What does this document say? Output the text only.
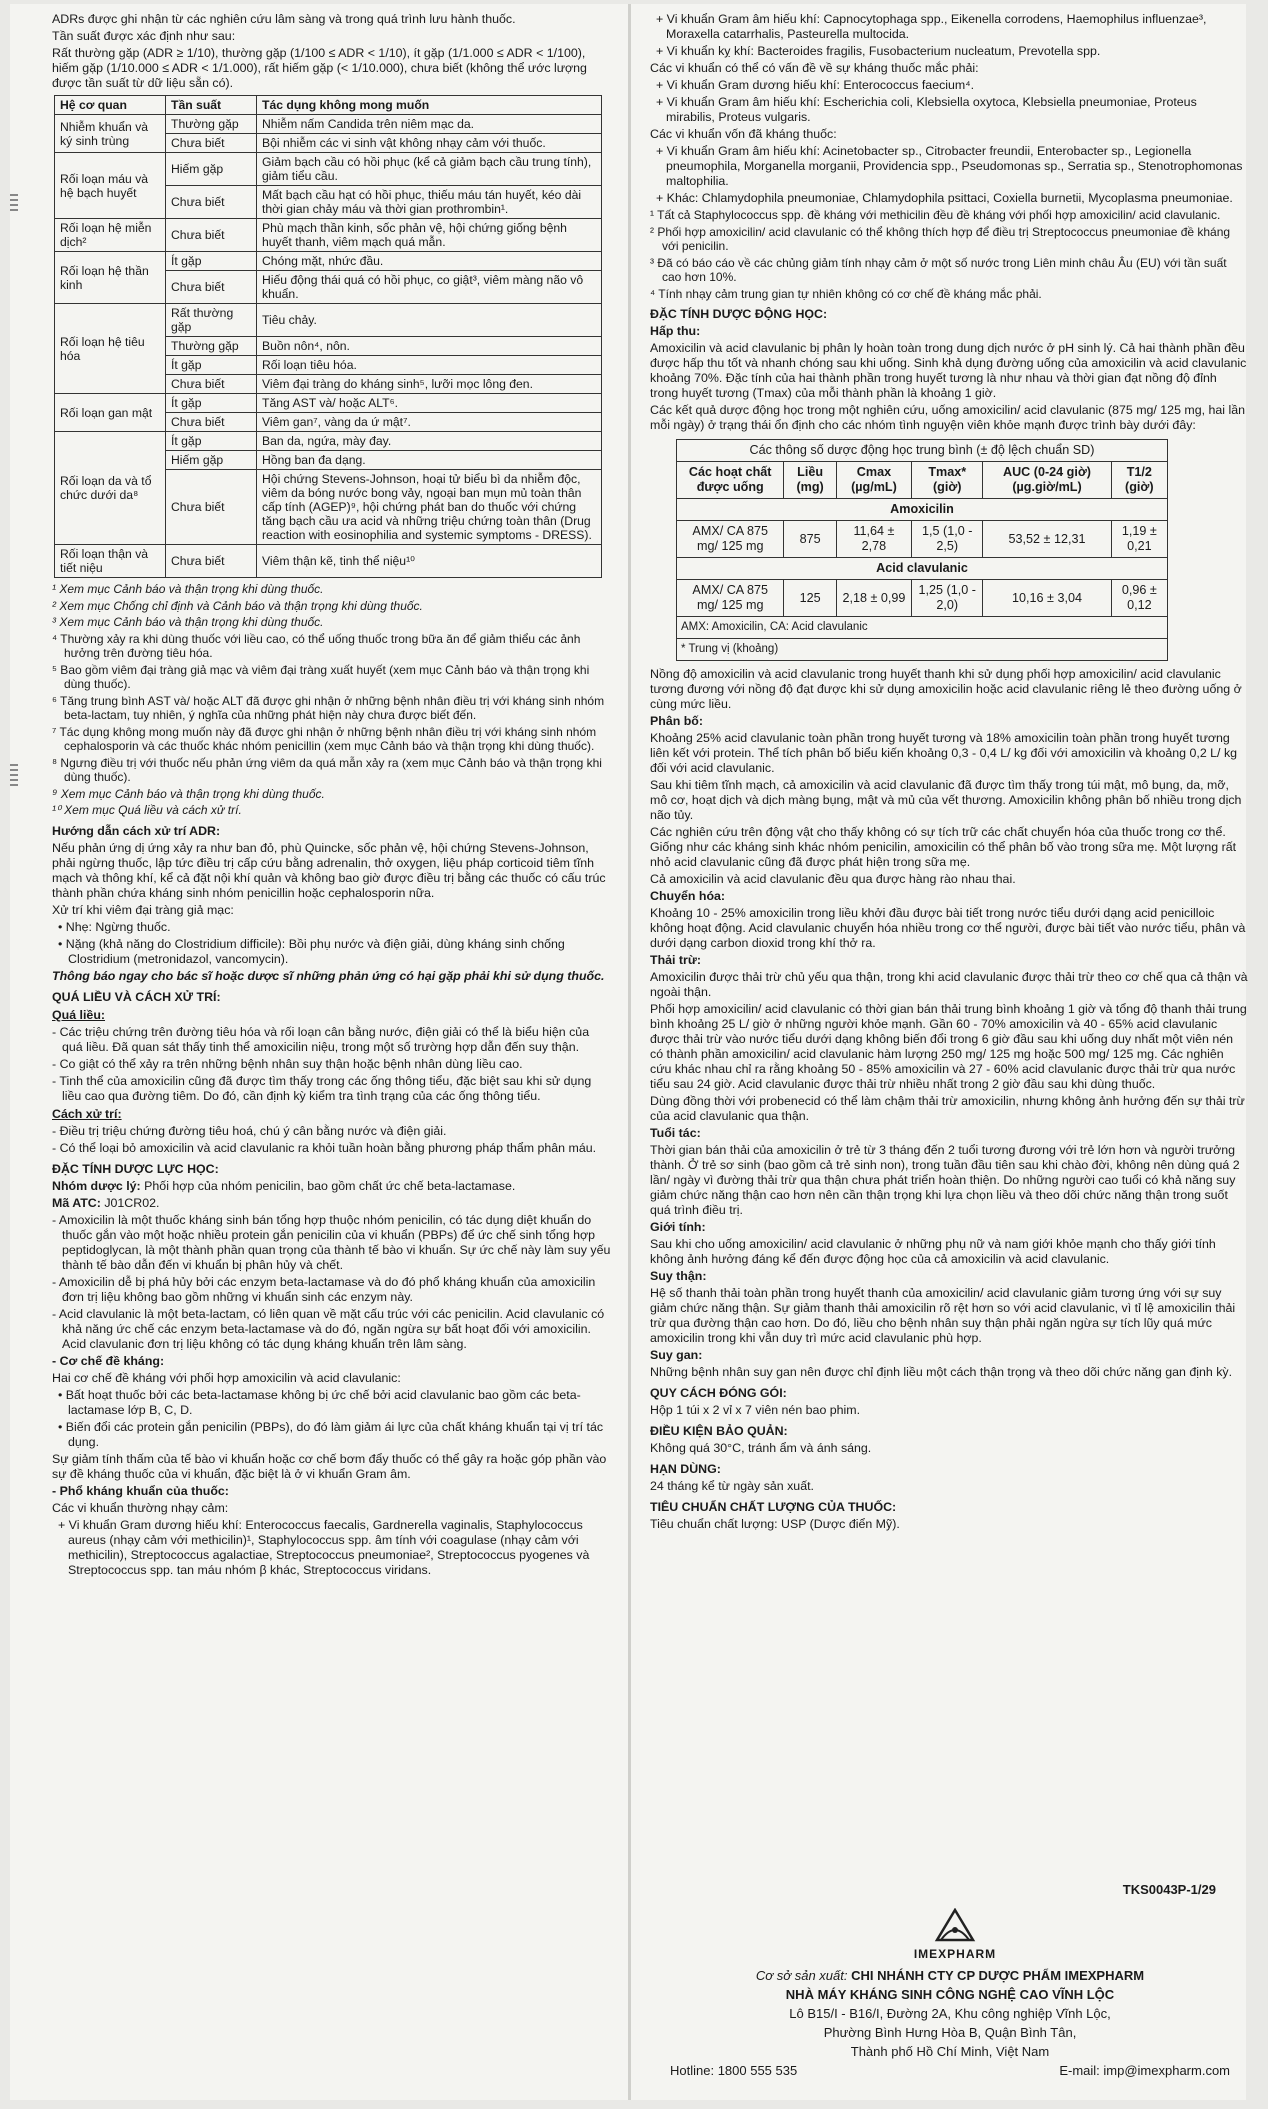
ADRs được ghi nhận từ các nghiên cứu lâm sàng và trong quá trình lưu hành thuốc.

Tần suất được xác định như sau:

Rất thường gặp (ADR ≥ 1/10), thường gặp (1/100 ≤ ADR < 1/10), ít gặp (1/1.000 ≤ ADR < 1/100), hiếm gặp (1/10.000 ≤ ADR < 1/1.000), rất hiếm gặp (< 1/10.000), chưa biết (không thể ước lượng được tần suất từ dữ liệu sẵn có).

Hệ cơ quan	Tần suất	Tác dụng không mong muốn
Nhiễm khuẩn và ký sinh trùng	Thường gặp	Nhiễm nấm Candida trên niêm mạc da.
	Chưa biết	Bội nhiễm các vi sinh vật không nhạy cảm với thuốc.
Rối loạn máu và hệ bạch huyết	Hiếm gặp	Giảm bạch cầu có hồi phục (kể cả giảm bạch cầu trung tính), giảm tiểu cầu.
	Chưa biết	Mất bạch cầu hạt có hồi phục, thiếu máu tán huyết, kéo dài thời gian chảy máu và thời gian prothrombin¹.
Rối loạn hệ miễn dịch²	Chưa biết	Phù mạch thần kinh, sốc phản vệ, hội chứng giống bệnh huyết thanh, viêm mạch quá mẫn.
Rối loạn hệ thần kinh	Ít gặp	Chóng mặt, nhức đầu.
	Chưa biết	Hiếu động thái quá có hồi phục, co giật³, viêm màng não vô khuẩn.
Rối loạn hệ tiêu hóa	Rất thường gặp	Tiêu chảy.
	Thường gặp	Buồn nôn⁴, nôn.
	Ít gặp	Rối loạn tiêu hóa.
	Chưa biết	Viêm đại tràng do kháng sinh⁵, lưỡi mọc lông đen.
Rối loạn gan mật	Ít gặp	Tăng AST và/ hoặc ALT⁶.
	Chưa biết	Viêm gan⁷, vàng da ứ mật⁷.
Rối loạn da và tổ chức dưới da⁸	Ít gặp	Ban da, ngứa, mày đay.
	Hiếm gặp	Hồng ban đa dạng.
	Chưa biết	Hội chứng Stevens-Johnson, hoại tử biểu bì da nhiễm độc, viêm da bóng nước bong vảy, ngoại ban mụn mủ toàn thân cấp tính (AGEP)⁹, hội chứng phát ban do thuốc với chứng tăng bạch cầu ưa acid và những triệu chứng toàn thân (Drug reaction with eosinophilia and systemic symptoms - DRESS).
Rối loạn thận và tiết niệu	Chưa biết	Viêm thận kẽ, tinh thể niệu¹⁰

¹ Xem mục Cảnh báo và thận trọng khi dùng thuốc.

² Xem mục Chống chỉ định và Cảnh báo và thận trọng khi dùng thuốc.

³ Xem mục Cảnh báo và thận trọng khi dùng thuốc.

⁴ Thường xảy ra khi dùng thuốc với liều cao, có thể uống thuốc trong bữa ăn để giảm thiểu các ảnh hưởng trên đường tiêu hóa.

⁵ Bao gồm viêm đại tràng giả mạc và viêm đại tràng xuất huyết (xem mục Cảnh báo và thận trọng khi dùng thuốc).

⁶ Tăng trung bình AST và/ hoặc ALT đã được ghi nhận ở những bệnh nhân điều trị với kháng sinh nhóm beta-lactam, tuy nhiên, ý nghĩa của những phát hiện này chưa được biết đến.

⁷ Tác dụng không mong muốn này đã được ghi nhận ở những bệnh nhân điều trị với kháng sinh nhóm cephalosporin và các thuốc khác nhóm penicillin (xem mục Cảnh báo và thận trọng khi dùng thuốc).

⁸ Ngưng điều trị với thuốc nếu phản ứng viêm da quá mẫn xảy ra (xem mục Cảnh báo và thận trọng khi dùng thuốc).

⁹ Xem mục Cảnh báo và thận trọng khi dùng thuốc.

¹⁰ Xem mục Quá liều và cách xử trí.

Hướng dẫn cách xử trí ADR:

Nếu phản ứng dị ứng xảy ra như ban đỏ, phù Quincke, sốc phản vệ, hội chứng Stevens-Johnson, phải ngừng thuốc, lập tức điều trị cấp cứu bằng adrenalin, thở oxygen, liệu pháp corticoid tiêm tĩnh mạch và thông khí, kể cả đặt nội khí quản và không bao giờ được điều trị bằng các thuốc có cấu trúc thành phần chứa kháng sinh nhóm penicillin hoặc cephalosporin nữa.

Xử trí khi viêm đại tràng giả mạc:

• Nhẹ: Ngừng thuốc.

• Nặng (khả năng do Clostridium difficile): Bồi phụ nước và điện giải, dùng kháng sinh chống Clostridium (metronidazol, vancomycin).

Thông báo ngay cho bác sĩ hoặc dược sĩ những phản ứng có hại gặp phải khi sử dụng thuốc.

QUÁ LIỀU VÀ CÁCH XỬ TRÍ:

Quá liều:

- Các triệu chứng trên đường tiêu hóa và rối loạn cân bằng nước, điện giải có thể là biểu hiện của quá liều. Đã quan sát thấy tinh thể amoxicilin niệu, trong một số trường hợp dẫn đến suy thận.

- Co giật có thể xảy ra trên những bệnh nhân suy thận hoặc bệnh nhân dùng liều cao.

- Tinh thể của amoxicilin cũng đã được tìm thấy trong các ống thông tiểu, đặc biệt sau khi sử dụng liều cao qua đường tiêm. Do đó, cần định kỳ kiểm tra tình trạng của các ống thông tiểu.

Cách xử trí:

- Điều trị triệu chứng đường tiêu hoá, chú ý cân bằng nước và điện giải.

- Có thể loại bỏ amoxicilin và acid clavulanic ra khỏi tuần hoàn bằng phương pháp thẩm phân máu.

ĐẶC TÍNH DƯỢC LỰC HỌC:

Nhóm dược lý: Phối hợp của nhóm penicilin, bao gồm chất ức chế beta-lactamase.

Mã ATC: J01CR02.

- Amoxicilin là một thuốc kháng sinh bán tổng hợp thuộc nhóm penicilin, có tác dụng diệt khuẩn do thuốc gắn vào một hoặc nhiều protein gắn penicilin của vi khuẩn (PBPs) để ức chế sinh tổng hợp peptidoglycan, là một thành phần quan trọng của thành tế bào vi khuẩn. Sự ức chế này làm suy yếu thành tế bào dẫn đến vi khuẩn bị phân hủy và chết.

- Amoxicilin dễ bị phá hủy bởi các enzym beta-lactamase và do đó phổ kháng khuẩn của amoxicilin đơn trị liệu không bao gồm những vi khuẩn sinh các enzym này.

- Acid clavulanic là một beta-lactam, có liên quan về mặt cấu trúc với các penicilin. Acid clavulanic có khả năng ức chế các enzym beta-lactamase và do đó, ngăn ngừa sự bất hoạt đối với amoxicilin. Acid clavulanic đơn trị liệu không có tác dụng kháng khuẩn trên lâm sàng.

- Cơ chế đề kháng:

Hai cơ chế đề kháng với phối hợp amoxicilin và acid clavulanic:

• Bất hoạt thuốc bởi các beta-lactamase không bị ức chế bởi acid clavulanic bao gồm các beta-lactamase lớp B, C, D.

• Biến đổi các protein gắn penicilin (PBPs), do đó làm giảm ái lực của chất kháng khuẩn tại vị trí tác dụng.

Sự giảm tính thấm của tế bào vi khuẩn hoặc cơ chế bơm đẩy thuốc có thể gây ra hoặc góp phần vào sự đề kháng thuốc của vi khuẩn, đặc biệt là ở vi khuẩn Gram âm.

- Phổ kháng khuẩn của thuốc:

Các vi khuẩn thường nhạy cảm:

+ Vi khuẩn Gram dương hiếu khí: Enterococcus faecalis, Gardnerella vaginalis, Staphylococcus aureus (nhạy cảm với methicilin)¹, Staphylococcus spp. âm tính với coagulase (nhạy cảm với methicilin), Streptococcus agalactiae, Streptococcus pneumoniae², Streptococcus pyogenes và Streptococcus spp. tan máu nhóm β khác, Streptococcus viridans.

+ Vi khuẩn Gram âm hiếu khí: Capnocytophaga spp., Eikenella corrodens, Haemophilus influenzae³, Moraxella catarrhalis, Pasteurella multocida.

+ Vi khuẩn kỵ khí: Bacteroides fragilis, Fusobacterium nucleatum, Prevotella spp.

Các vi khuẩn có thể có vấn đề về sự kháng thuốc mắc phải:

+ Vi khuẩn Gram dương hiếu khí: Enterococcus faecium⁴.

+ Vi khuẩn Gram âm hiếu khí: Escherichia coli, Klebsiella oxytoca, Klebsiella pneumoniae, Proteus mirabilis, Proteus vulgaris.

Các vi khuẩn vốn đã kháng thuốc:

+ Vi khuẩn Gram âm hiếu khí: Acinetobacter sp., Citrobacter freundii, Enterobacter sp., Legionella pneumophila, Morganella morganii, Providencia spp., Pseudomonas sp., Serratia sp., Stenotrophomonas maltophilia.

+ Khác: Chlamydophila pneumoniae, Chlamydophila psittaci, Coxiella burnetii, Mycoplasma pneumoniae.

¹ Tất cả Staphylococcus spp. đề kháng với methicilin đều đề kháng với phối hợp amoxicilin/ acid clavulanic.

² Phối hợp amoxicilin/ acid clavulanic có thể không thích hợp để điều trị Streptococcus pneumoniae đề kháng với penicilin.

³ Đã có báo cáo về các chủng giảm tính nhạy cảm ở một số nước trong Liên minh châu Âu (EU) với tần suất cao hơn 10%.

⁴ Tính nhạy cảm trung gian tự nhiên không có cơ chế đề kháng mắc phải.

ĐẶC TÍNH DƯỢC ĐỘNG HỌC:

Hấp thu:

Amoxicilin và acid clavulanic bị phân ly hoàn toàn trong dung dịch nước ở pH sinh lý. Cả hai thành phần đều được hấp thu tốt và nhanh chóng sau khi uống. Sinh khả dụng đường uống của amoxicilin và acid clavulanic khoảng 70%. Đặc tính của hai thành phần trong huyết tương là như nhau và thời gian đạt nồng độ đỉnh trong huyết tương (Tmax) của mỗi thành phần là khoảng 1 giờ.

Các kết quả dược động học trong một nghiên cứu, uống amoxicilin/ acid clavulanic (875 mg/ 125 mg, hai lần mỗi ngày) ở trạng thái ổn định cho các nhóm tình nguyện viên khỏe mạnh được trình bày dưới đây:

Các thông số dược động học trung bình (± độ lệch chuẩn SD)					
Các hoạt chất được uống	Liều (mg)	Cmax (µg/mL)	Tmax* (giờ)	AUC (0-24 giờ) (µg.giờ/mL)	T1/2 (giờ)
Amoxicilin					
AMX/ CA 875 mg/ 125 mg	875	11,64 ± 2,78	1,5 (1,0 - 2,5)	53,52 ± 12,31	1,19 ± 0,21
Acid clavulanic					
AMX/ CA 875 mg/ 125 mg	125	2,18 ± 0,99	1,25 (1,0 - 2,0)	10,16 ± 3,04	0,96 ± 0,12
AMX: Amoxicilin, CA: Acid clavulanic					
* Trung vị (khoảng)					

Nồng độ amoxicilin và acid clavulanic trong huyết thanh khi sử dụng phối hợp amoxicilin/ acid clavulanic tương đương với nồng độ đạt được khi sử dụng amoxicilin hoặc acid clavulanic riêng lẻ theo đường uống ở cùng mức liều.

Phân bố:

Khoảng 25% acid clavulanic toàn phần trong huyết tương và 18% amoxicilin toàn phần trong huyết tương liên kết với protein. Thể tích phân bố biểu kiến khoảng 0,3 - 0,4 L/ kg đối với amoxicilin và khoảng 0,2 L/ kg đối với acid clavulanic.

Sau khi tiêm tĩnh mạch, cả amoxicilin và acid clavulanic đã được tìm thấy trong túi mật, mô bụng, da, mỡ, mô cơ, hoạt dịch và dịch màng bụng, mật và mủ của vết thương. Amoxicilin không phân bố nhiều trong dịch não tủy.

Các nghiên cứu trên động vật cho thấy không có sự tích trữ các chất chuyển hóa của thuốc trong cơ thể. Giống như các kháng sinh khác nhóm penicilin, amoxicilin có thể phân bố vào trong sữa mẹ. Một lượng rất nhỏ acid clavulanic cũng đã được phát hiện trong sữa mẹ.

Cả amoxicilin và acid clavulanic đều qua được hàng rào nhau thai.

Chuyển hóa:

Khoảng 10 - 25% amoxicilin trong liều khởi đầu được bài tiết trong nước tiểu dưới dạng acid penicilloic không hoạt động. Acid clavulanic chuyển hóa nhiều trong cơ thể người, được bài tiết vào nước tiểu, phân và dưới dạng carbon dioxid trong khí thở ra.

Thải trừ:

Amoxicilin được thải trừ chủ yếu qua thận, trong khi acid clavulanic được thải trừ theo cơ chế qua cả thận và ngoài thận.

Phối hợp amoxicilin/ acid clavulanic có thời gian bán thải trung bình khoảng 1 giờ và tổng độ thanh thải trung bình khoảng 25 L/ giờ ở những người khỏe mạnh. Gần 60 - 70% amoxicilin và 40 - 65% acid clavulanic được thải trừ vào nước tiểu dưới dạng không biến đổi trong 6 giờ đầu sau khi uống duy nhất một viên nén có thành phần amoxicilin/ acid clavulanic hàm lượng 250 mg/ 125 mg hoặc 500 mg/ 125 mg. Các nghiên cứu khác nhau chỉ ra rằng khoảng 50 - 85% amoxicilin và 27 - 60% acid clavulanic được thải trừ qua nước tiểu sau 24 giờ. Acid clavulanic được thải trừ nhiều nhất trong 2 giờ đầu sau khi dùng thuốc.

Dùng đồng thời với probenecid có thể làm chậm thải trừ amoxicilin, nhưng không ảnh hưởng đến sự thải trừ của acid clavulanic qua thận.

Tuổi tác:

Thời gian bán thải của amoxicilin ở trẻ từ 3 tháng đến 2 tuổi tương đương với trẻ lớn hơn và người trưởng thành. Ở trẻ sơ sinh (bao gồm cả trẻ sinh non), trong tuần đầu tiên sau khi chào đời, không nên dùng quá 2 lần/ ngày vì đường thải trừ qua thận chưa phát triển hoàn thiện. Do những người cao tuổi có khả năng suy giảm chức năng thận cao hơn nên cần thận trọng khi lựa chọn liều và theo dõi chức năng thận trong suốt quá trình điều trị.

Giới tính:

Sau khi cho uống amoxicilin/ acid clavulanic ở những phụ nữ và nam giới khỏe mạnh cho thấy giới tính không ảnh hưởng đáng kể đến được động học của cả amoxicilin và acid clavulanic.

Suy thận:

Hệ số thanh thải toàn phần trong huyết thanh của amoxicilin/ acid clavulanic giảm tương ứng với sự suy giảm chức năng thận. Sự giảm thanh thải amoxicilin rõ rệt hơn so với acid clavulanic, vì tỉ lệ amoxicilin thải trừ qua đường thận cao hơn. Do đó, liều cho bệnh nhân suy thận phải ngăn ngừa sự tích lũy quá mức amoxicilin trong khi vẫn duy trì mức acid clavulanic phù hợp.

Suy gan:

Những bệnh nhân suy gan nên được chỉ định liều một cách thận trọng và theo dõi chức năng gan định kỳ.

QUY CÁCH ĐÓNG GÓI:

Hộp 1 túi x 2 vỉ x 7 viên nén bao phim.

ĐIỀU KIỆN BẢO QUẢN:

Không quá 30°C, tránh ẩm và ánh sáng.

HẠN DÙNG:

24 tháng kể từ ngày sản xuất.

TIÊU CHUẨN CHẤT LƯỢNG CỦA THUỐC:

Tiêu chuẩn chất lượng: USP (Dược điển Mỹ).

TKS0043P-1/29
IMEXPHARM
Cơ sở sản xuất: CHI NHÁNH CTY CP DƯỢC PHẨM IMEXPHARM
NHÀ MÁY KHÁNG SINH CÔNG NGHỆ CAO VĨNH LỘC
Lô B15/I - B16/I, Đường 2A, Khu công nghiệp Vĩnh Lộc,
Phường Bình Hưng Hòa B, Quận Bình Tân,
Thành phố Hồ Chí Minh, Việt Nam
Hotline: 1800 555 535	E-mail: imp@imexpharm.com
